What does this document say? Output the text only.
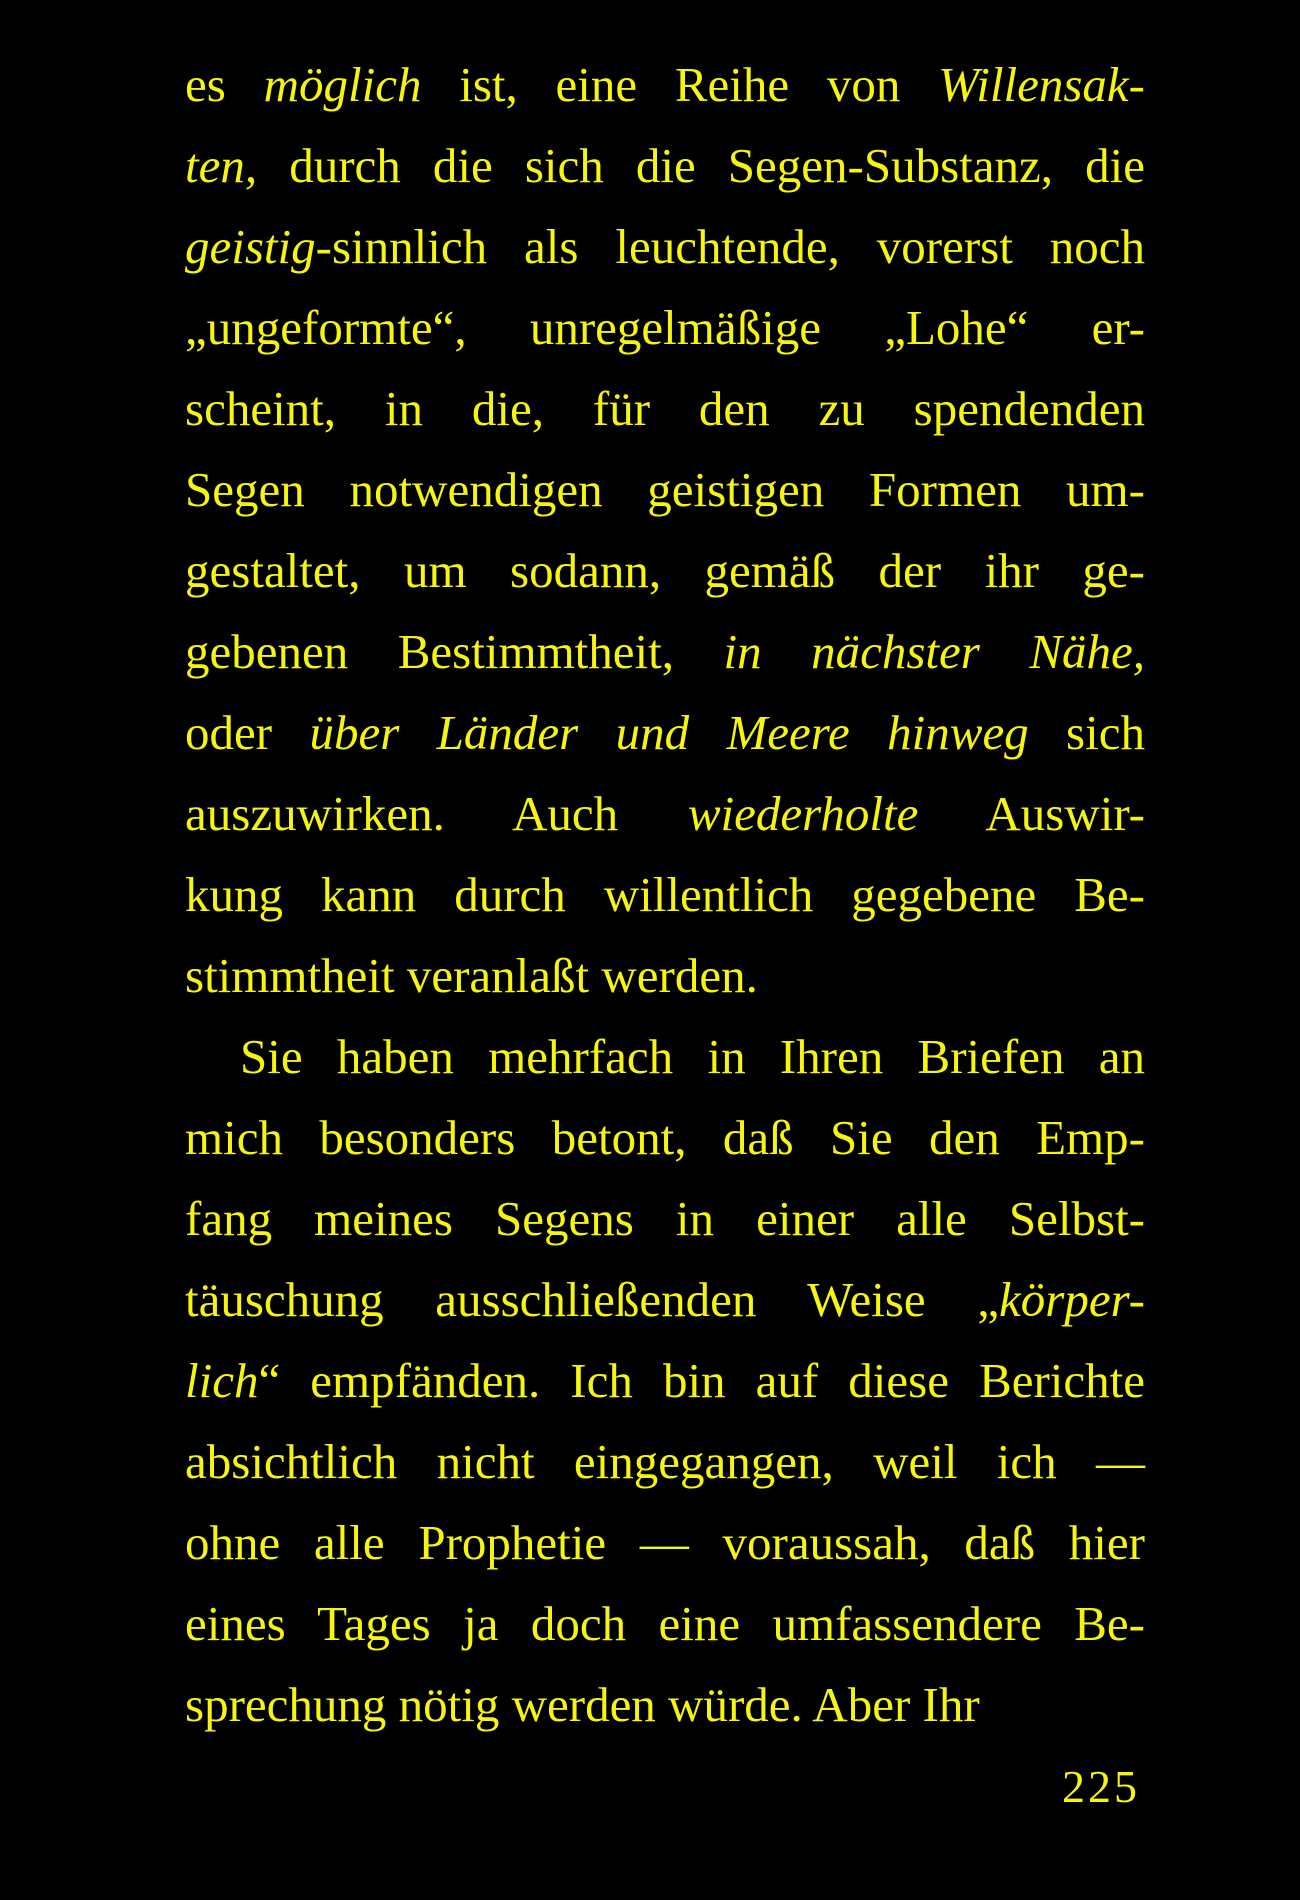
es möglich ist, eine Reihe von Willensak-
ten, durch die sich die Segen-Substanz, die
geistig-sinnlich als leuchtende, vorerst noch
„ungeformte“, unregelmäßige „Lohe“ er-
scheint, in die, für den zu spendenden
Segen notwendigen geistigen Formen um-
gestaltet, um sodann, gemäß der ihr ge-
gebenen Bestimmtheit, in nächster Nähe,
oder über Länder und Meere hinweg sich
auszuwirken. Auch wiederholte Auswir-
kung kann durch willentlich gegebene Be-
stimmtheit veranlaßt werden.
Sie haben mehrfach in Ihren Briefen an
mich besonders betont, daß Sie den Emp-
fang meines Segens in einer alle Selbst-
täuschung ausschließenden Weise „körper-
lich“ empfänden. Ich bin auf diese Berichte
absichtlich nicht eingegangen, weil ich —
ohne alle Prophetie — voraussah, daß hier
eines Tages ja doch eine umfassendere Be-
sprechung nötig werden würde. Aber Ihr
225
